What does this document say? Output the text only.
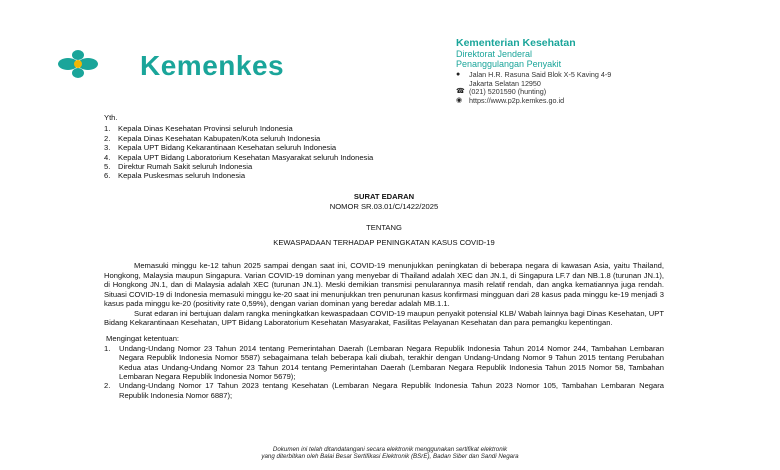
Kemenkes
Kementerian Kesehatan
Direktorat Jenderal
Penanggulangan Penyakit
●	Jalan H.R. Rasuna Said Blok X-5 Kaving 4-9
Jakarta Selatan 12950
☎ (021) 5201590 (hunting)
◉ https://www.p2p.kemkes.go.id
Yth.
1.	Kepala Dinas Kesehatan Provinsi seluruh Indonesia
2.	Kepala Dinas Kesehatan Kabupaten/Kota seluruh Indonesia
3.	Kepala UPT Bidang Kekarantinaan Kesehatan seluruh Indonesia
4.	Kepala UPT Bidang Laboratorium Kesehatan Masyarakat seluruh Indonesia
5.	Direktur Rumah Sakit seluruh Indonesia
6.	Kepala Puskesmas seluruh Indonesia
SURAT EDARAN
NOMOR SR.03.01/C/1422/2025
TENTANG
KEWASPADAAN TERHADAP PENINGKATAN KASUS COVID-19
Memasuki minggu ke-12 tahun 2025 sampai dengan saat ini, COVID-19 menunjukkan peningkatan di beberapa negara di kawasan Asia, yaitu Thailand, Hongkong, Malaysia maupun Singapura. Varian COVID-19 dominan yang menyebar di Thailand adalah XEC dan JN.1, di Singapura LF.7 dan NB.1.8 (turunan JN.1), di Hongkong JN.1, dan di Malaysia adalah XEC (turunan JN.1). Meski demikian transmisi penularannya masih relatif rendah, dan angka kematiannya juga rendah. Situasi COVID-19 di Indonesia memasuki minggu ke-20 saat ini menunjukkan tren penurunan kasus konfirmasi mingguan dari 28 kasus pada minggu ke-19 menjadi 3 kasus pada minggu ke-20 (positivity rate 0,59%), dengan varian dominan yang beredar adalah MB.1.1.
Surat edaran ini bertujuan dalam rangka meningkatkan kewaspadaan COVID-19 maupun penyakit potensial KLB/ Wabah lainnya bagi Dinas Kesehatan, UPT Bidang Kekarantinaan Kesehatan, UPT Bidang Laboratorium Kesehatan Masyarakat, Fasilitas Pelayanan Kesehatan dan para pemangku kepentingan.
Mengingat ketentuan:
1.	Undang-Undang Nomor 23 Tahun 2014 tentang Pemerintahan Daerah (Lembaran Negara Republik Indonesia Tahun 2014 Nomor 244, Tambahan Lembaran Negara Republik Indonesia Nomor 5587) sebagaimana telah beberapa kali diubah, terakhir dengan Undang-Undang Nomor 9 Tahun 2015 tentang Perubahan Kedua atas Undang-Undang Nomor 23 Tahun 2014 tentang Pemerintahan Daerah (Lembaran Negara Republik Indonesia Tahun 2015 Nomor 58, Tambahan Lembaran Negara Republik Indonesia Nomor 5679);
2.	Undang-Undang Nomor 17 Tahun 2023 tentang Kesehatan (Lembaran Negara Republik Indonesia Tahun 2023 Nomor 105, Tambahan Lembaran Negara Republik Indonesia Nomor 6887);
Dokumen ini telah ditandatangani secara elektronik menggunakan sertifikat elektronik
yang diterbitkan oleh Balai Besar Sertifikasi Elektronik (BSrE), Badan Siber dan Sandi Negara
